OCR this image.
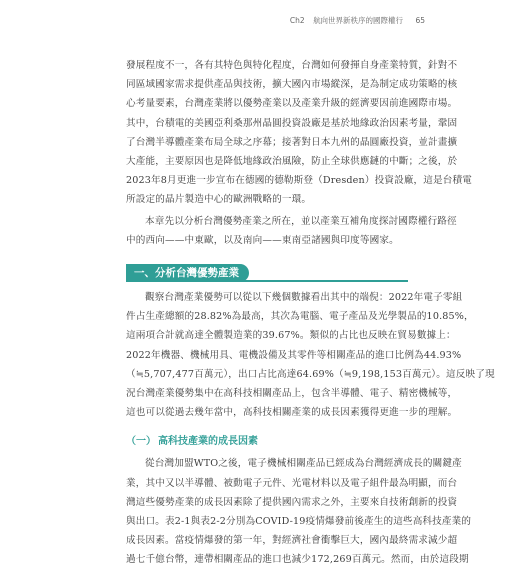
Ch2 航向世界新秩序的國際權行 65
發展程度不一，各有其特色與特化程度，台灣如何發揮自身產業特質，針對不
同區域國家需求提供產品與技術，擴大國內市場縱深，是為制定成功策略的核
心考量要素，台灣產業將以優勢產業以及產業升級的經濟要因前進國際市場。
其中，台積電的美國亞利桑那州晶圓投資設廠是基於地緣政治因素考量，鞏固
了台灣半導體產業布局全球之序幕；接著對日本九州的晶圓廠投資，並計畫擴
大產能，主要原因也是降低地緣政治風險，防止全球供應鏈的中斷；之後，於
2023年8月更進一步宣布在德國的德勒斯登（Dresden）投資設廠，這是台積電
所設定的晶片製造中心的歐洲戰略的一環。
本章先以分析台灣優勢產業之所在，並以產業互補角度探討國際權行路徑
中的西向——中東歐，以及南向——東南亞諸國與印度等國家。
一、分析台灣優勢產業
觀察台灣產業優勢可以從以下幾個數據看出其中的端倪：2022年電子零組
件占生產總額的28.82%為最高，其次為電腦、電子產品及光學製品的10.85%，
這兩項合計就高達全體製造業的39.67%。類似的占比也反映在貿易數據上：
2022年機器、機械用具、電機設備及其零件等相關產品的進口比例為44.93%
（≒5,707,477百萬元），出口占比高達64.69%（≒9,198,153百萬元）。這反映了現
況台灣產業優勢集中在高科技相關產品上，包含半導體、電子、精密機械等，
這也可以從過去幾年當中，高科技相關產業的成長因素獲得更進一步的理解。
（一） 高科技產業的成長因素
從台灣加盟WTO之後，電子機械相關產品已經成為台灣經濟成長的關鍵產
業，其中又以半導體、被動電子元件、光電材料以及電子組件最為明顯，而台
灣這些優勢產業的成長因素除了提供國內需求之外，主要來自技術創新的投資
與出口。表2-1與表2-2分別為COVID-19疫情爆發前後產生的這些高科技產業的
成長因素。當疫情爆發的第一年，對經濟社會衝擊巨大，國內最終需求減少超
過七千億台幣，連帶相關產品的進口也減少172,269百萬元。然而，由於這段期
